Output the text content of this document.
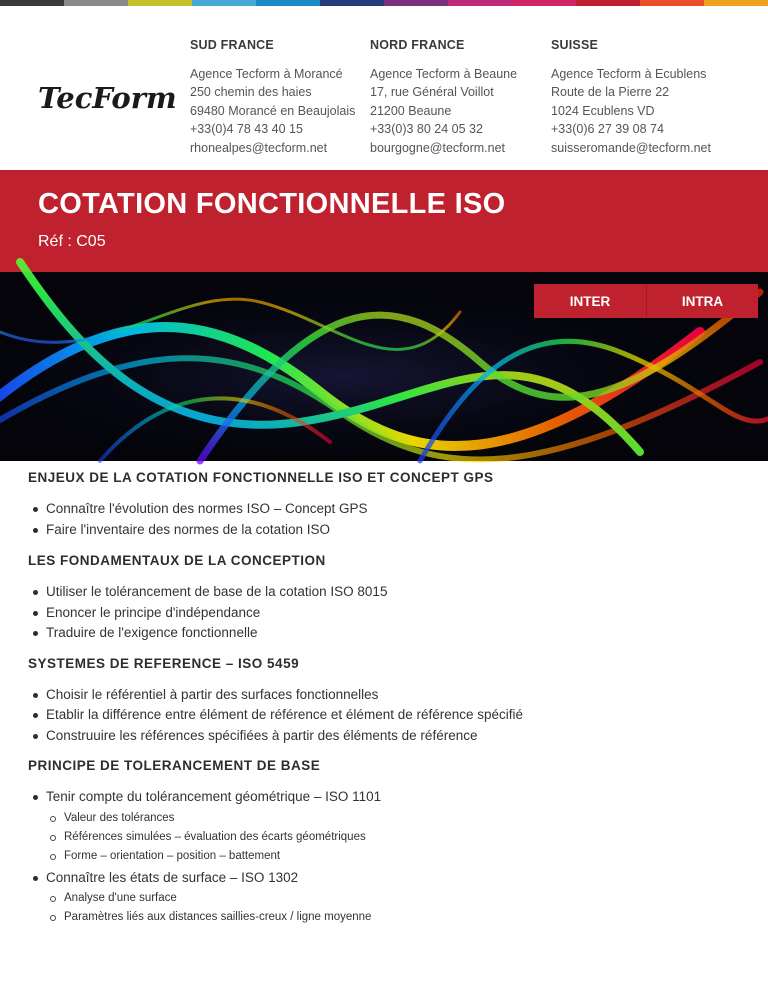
TecForm
SUD FRANCE
Agence Tecform à Morancé
250 chemin des haies
69480 Morancé en Beaujolais
+33(0)4 78 43 40 15
rhonealpes@tecform.net
NORD FRANCE
Agence Tecform à Beaune
17, rue Général Voillot
21200 Beaune
+33(0)3 80 24 05 32
bourgogne@tecform.net
SUISSE
Agence Tecform à Ecublens
Route de la Pierre 22
1024 Ecublens VD
+33(0)6 27 39 08 74
suisseromande@tecform.net
COTATION FONCTIONNELLE ISO
Réf : C05
INTER	INTRA
ENJEUX DE LA COTATION FONCTIONNELLE ISO ET CONCEPT GPS
Connaître l'évolution des normes ISO – Concept GPS
Faire l'inventaire des normes de la cotation ISO
LES FONDAMENTAUX DE LA CONCEPTION
Utiliser le tolérancement de base de la cotation ISO 8015
Enoncer le principe d'indépendance
Traduire de l'exigence fonctionnelle
SYSTEMES DE REFERENCE – ISO 5459
Choisir le référentiel à partir des surfaces fonctionnelles
Etablir la différence entre élément de référence et élément de référence spécifié
Construuire les références spécifiées à partir des éléments de référence
PRINCIPE DE TOLERANCEMENT DE BASE
Tenir compte du tolérancement géométrique – ISO 1101
Valeur des tolérances
Références simulées – évaluation des écarts géométriques
Forme – orientation – position – battement
Connaître les états de surface – ISO 1302
Analyse d'une surface
Paramètres liés aux distances saillies-creux / ligne moyenne
